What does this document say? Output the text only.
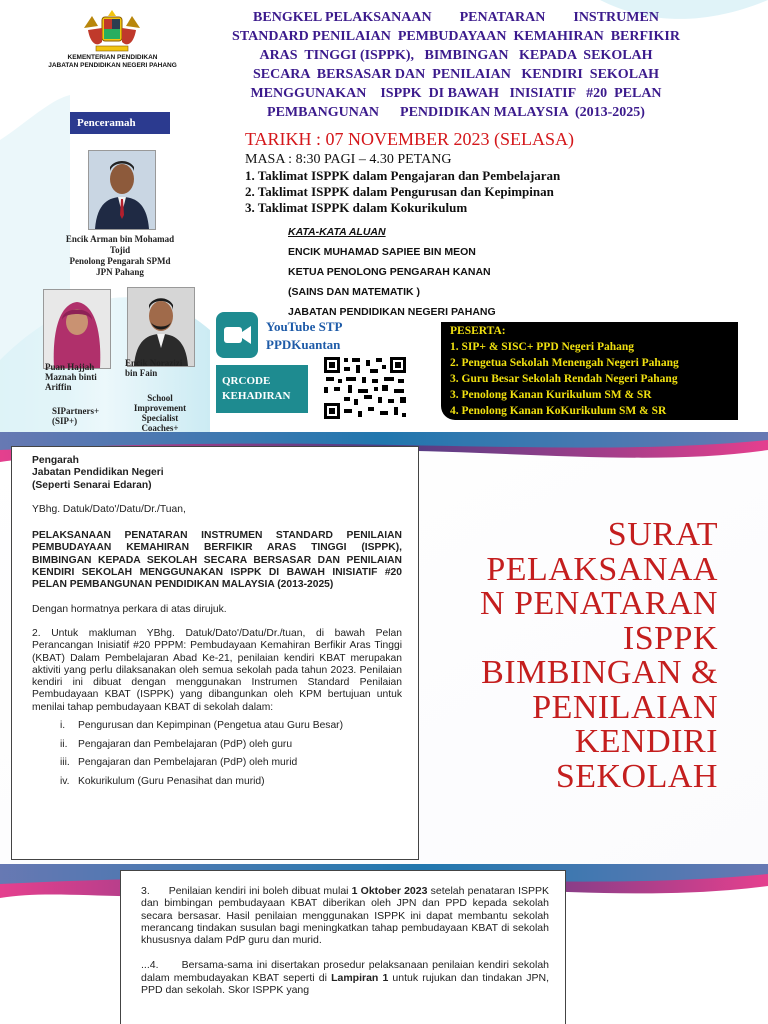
KEMENTERIAN PENDIDIKAN
JABATAN PENDIDIKAN NEGERI PAHANG
BENGKEL PELAKSANAAN        PENATARAN        INSTRUMEN
STANDARD PENILAIAN  PEMBUDAYAAN  KEMAHIRAN  BERFIKIR
ARAS  TINGGI (ISPPK),   BIMBINGAN   KEPADA  SEKOLAH
SECARA  BERSASAR DAN  PENILAIAN   KENDIRI  SEKOLAH
MENGGUNAKAN    ISPPK  DI BAWAH   INISIATIF   #20  PELAN
PEMBANGUNAN      PENDIDIKAN MALAYSIA  (2013-2025)
TARIKH : 07 NOVEMBER 2023 (SELASA)
MASA : 8:30 PAGI – 4.30 PETANG
1. Taklimat ISPPK dalam Pengajaran dan Pembelajaran
2. Taklimat ISPPK dalam Pengurusan dan Kepimpinan
3. Taklimat ISPPK dalam Kokurikulum
KATA-KATA ALUAN
ENCIK MUHAMAD SAPIEE BIN MEON
KETUA PENOLONG PENGARAH KANAN
(SAINS DAN MATEMATIK )
JABATAN PENDIDIKAN NEGERI PAHANG
Penceramah
Encik Arman bin Mohamad
Tojid
Penolong Pengarah SPMd
JPN Pahang
Puan Hajjah
Maznah binti
Ariffin
Encik Norazizi
bin Fain
SIPartners+
(SIP+)
School
Improvement
Specialist
Coaches+
YouTube STP
PPDKuantan
QRCODE
KEHADIRAN
PESERTA:
1. SIP+ & SISC+ PPD Negeri Pahang
2. Pengetua Sekolah Menengah Negeri Pahang
3. Guru Besar Sekolah Rendah Negeri Pahang
3. Penolong Kanan Kurikulum SM & SR
4. Penolong Kanan KoKurikulum SM & SR
Pengarah
Jabatan Pendidikan Negeri
(Seperti Senarai Edaran)

YBhg. Datuk/Dato'/Datu/Dr./Tuan,

PELAKSANAAN PENATARAN INSTRUMEN STANDARD PENILAIAN PEMBUDAYAAN KEMAHIRAN BERFIKIR ARAS TINGGI (ISPPK), BIMBINGAN KEPADA SEKOLAH SECARA BERSASAR DAN PENILAIAN KENDIRI SEKOLAH MENGGUNAKAN ISPPK DI BAWAH INISIATIF #20 PELAN PEMBANGUNAN PENDIDIKAN MALAYSIA (2013-2025)

Dengan hormatnya perkara di atas dirujuk.

2. Untuk makluman YBhg. Datuk/Dato'/Datu/Dr./tuan, di bawah Pelan Perancangan Inisiatif #20 PPPM: Pembudayaan Kemahiran Berfikir Aras Tinggi (KBAT) Dalam Pembelajaran Abad Ke-21, penilaian kendiri KBAT merupakan aktiviti yang perlu dilaksanakan oleh semua sekolah pada tahun 2023. Penilaian kendiri ini dibuat dengan menggunakan Instrumen Standard Penilaian Pembudayaan KBAT (ISPPK) yang dibangunkan oleh KPM bertujuan untuk menilai tahap pembudayaan KBAT di sekolah dalam:

i. Pengurusan dan Kepimpinan (Pengetua atau Guru Besar)
ii. Pengajaran dan Pembelajaran (PdP) oleh guru
iii. Pengajaran dan Pembelajaran (PdP) oleh murid
iv. Kokurikulum (Guru Penasihat dan murid)
SURAT
PELAKSANAA
N PENATARAN
ISPPK
BIMBINGAN &
PENILAIAN
KENDIRI
SEKOLAH

3.      Penilaian kendiri ini boleh dibuat mulai 1 Oktober 2023 setelah penataran ISPPK dan bimbingan pembudayaan KBAT diberikan oleh JPN dan PPD kepada sekolah secara bersasar. Hasil penilaian menggunakan ISPPK ini dapat membantu sekolah merancang tindakan susulan bagi meningkatkan tahap pembudayaan KBAT di sekolah khususnya dalam PdP guru dan murid.

...4.      Bersama-sama ini disertakan prosedur pelaksanaan penilaian kendiri sekolah dalam membudayakan KBAT seperti di Lampiran 1 untuk rujukan dan tindakan JPN, PPD dan sekolah. Skor ISPPK yang
